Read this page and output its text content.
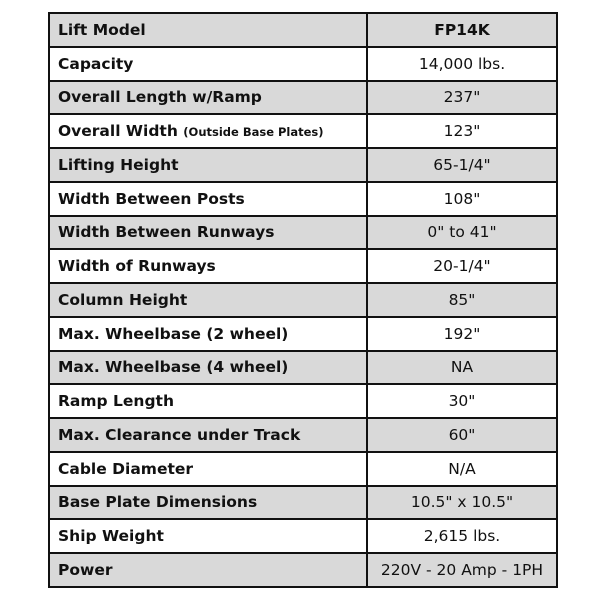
Lift Model	FP14K
Capacity	14,000 lbs.
Overall Length w/Ramp	237"
Overall Width (Outside Base Plates)	123"
Lifting Height	65-1/4"
Width Between Posts	108"
Width Between Runways	0" to 41"
Width of Runways	20-1/4"
Column Height	85"
Max. Wheelbase (2 wheel)	192"
Max. Wheelbase (4 wheel)	NA
Ramp Length	30"
Max. Clearance under Track	60"
Cable Diameter	N/A
Base Plate Dimensions	10.5" x 10.5"
Ship Weight	2,615 lbs.
Power	220V - 20 Amp - 1PH
